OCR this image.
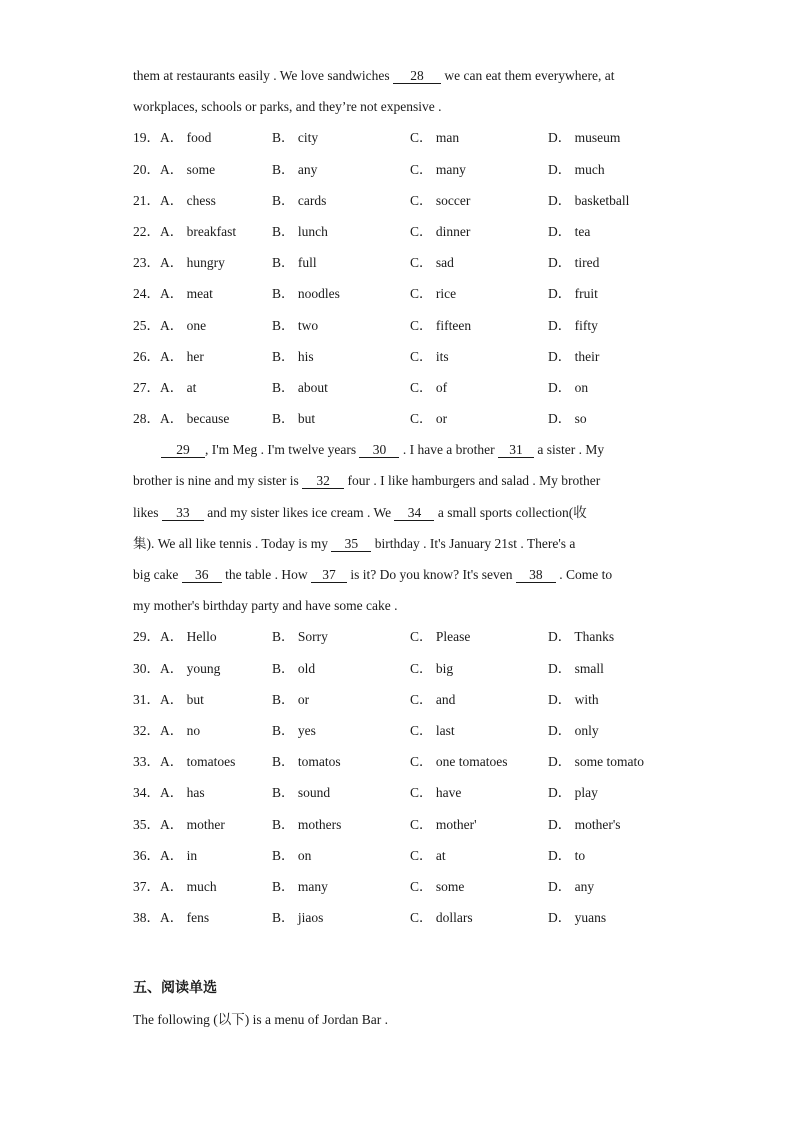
them at restaurants easily . We love sandwiches 28 we can eat them everywhere, at
workplaces, schools or parks, and they’re not expensive .
19． A． food	B． city	C． man	D． museum
20． A． some	B． any	C． many	D． much
21． A． chess	B． cards	C． soccer	D． basketball
22． A． breakfast	B． lunch	C． dinner	D． tea
23． A． hungry	B． full	C． sad	D． tired
24． A． meat	B． noodles	C． rice	D． fruit
25． A． one	B． two	C． fifteen	D． fifty
26． A． her	B． his	C． its	D． their
27． A． at	B． about	C． of	D． on
28． A． because	B． but	C． or	D． so
29 , I'm Meg . I'm twelve years 30 . I have a brother 31 a sister . My
brother is nine and my sister is 32 four . I like hamburgers and salad . My brother
likes 33 and my sister likes ice cream . We 34 a small sports collection(收
集). We all like tennis . Today is my 35 birthday . It's January 21st . There's a
big cake 36 the table . How 37 is it? Do you know? It's seven 38 . Come to
my mother's birthday party and have some cake .
29． A． Hello	B． Sorry	C． Please	D． Thanks
30． A． young	B． old	C． big	D． small
31． A． but	B． or	C． and	D． with
32． A． no	B． yes	C． last	D． only
33． A． tomatoes	B． tomatos	C． one tomatoes	D． some tomato
34． A． has	B． sound	C． have	D． play
35． A． mother	B． mothers	C． mother'	D． mother's
36． A． in	B． on	C． at	D． to
37． A． much	B． many	C． some	D． any
38． A． fens	B． jiaos	C． dollars	D． yuans
五、阅读单选
The following (以下) is a menu of Jordan Bar .
